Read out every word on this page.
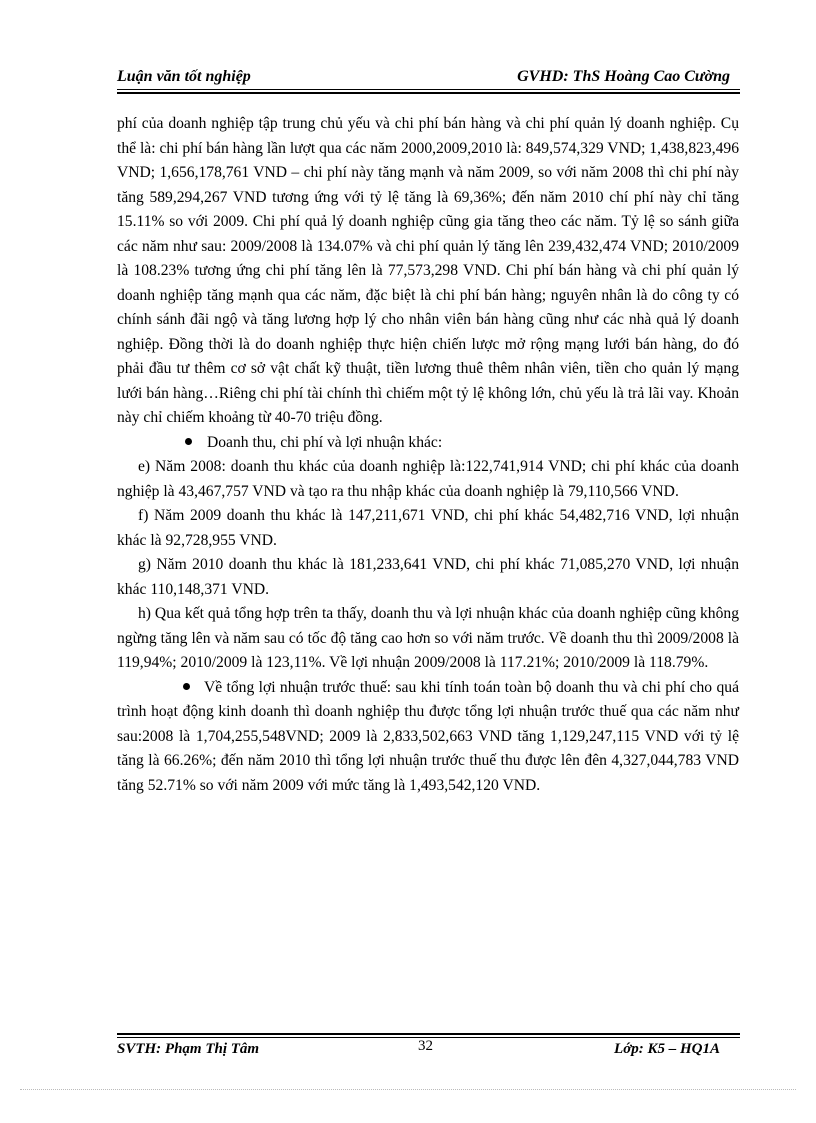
Luận văn tốt nghiệp	GVHD: ThS Hoàng Cao Cường

phí của doanh nghiệp tập trung chủ yếu và chi phí bán hàng và chi phí quản lý doanh nghiệp. Cụ thể là: chi phí bán hàng lần lượt qua các năm 2000,2009,2010 là: 849,574,329 VND; 1,438,823,496 VND; 1,656,178,761 VND – chi phí này tăng mạnh và năm 2009, so với năm 2008 thì chi phí này tăng 589,294,267 VND tương ứng với tỷ lệ tăng là 69,36%; đến năm 2010 chí phí này chỉ tăng 15.11% so với 2009. Chi phí quả lý doanh nghiệp cũng gia tăng theo các năm. Tỷ lệ so sánh giữa các năm như sau: 2009/2008 là 134.07% và chi phí quản lý tăng lên 239,432,474 VND; 2010/2009 là 108.23% tương ứng chi phí tăng lên là 77,573,298 VND. Chi phí bán hàng và chi phí quản lý doanh nghiệp tăng mạnh qua các năm, đặc biệt là chi phí bán hàng; nguyên nhân là do công ty có chính sánh đãi ngộ và tăng lương hợp lý cho nhân viên bán hàng cũng như các nhà quả lý doanh nghiệp. Đồng thời là do doanh nghiệp thực hiện chiến lược mở rộng mạng lưới bán hàng, do đó phải đầu tư thêm cơ sở vật chất kỹ thuật, tiền lương thuê thêm nhân viên, tiền cho quản lý mạng lưới bán hàng…Riêng chi phí tài chính thì chiếm một tỷ lệ không lớn, chủ yếu là trả lãi vay. Khoản này chỉ chiếm khoảng từ 40-70 triệu đồng.

Doanh thu, chi phí và lợi nhuận khác:

e) Năm 2008: doanh thu khác của doanh nghiệp là:122,741,914 VND; chi phí khác của doanh nghiệp là 43,467,757 VND và tạo ra thu nhập khác của doanh nghiệp là 79,110,566 VND.

f) Năm 2009 doanh thu khác là 147,211,671 VND, chi phí khác 54,482,716 VND, lợi nhuận khác là 92,728,955 VND.

g) Năm 2010 doanh thu khác là 181,233,641 VND, chi phí khác 71,085,270 VND, lợi nhuận khác 110,148,371 VND.

h) Qua kết quả tổng hợp trên ta thấy, doanh thu và lợi nhuận khác của doanh nghiệp cũng không ngừng tăng lên và năm sau có tốc độ tăng cao hơn so với năm trước. Về doanh thu thì 2009/2008 là 119,94%; 2010/2009 là 123,11%. Về lợi nhuận 2009/2008 là 117.21%; 2010/2009 là 118.79%.

Về tổng lợi nhuận trước thuế: sau khi tính toán toàn bộ doanh thu và chi phí cho quá trình hoạt động kinh doanh thì doanh nghiệp thu được tổng lợi nhuận trước thuế qua các năm như sau:2008 là 1,704,255,548VND; 2009 là 2,833,502,663 VND tăng 1,129,247,115 VND với tỷ lệ tăng là 66.26%; đến năm 2010 thì tổng lợi nhuận trước thuế thu được lên đên 4,327,044,783 VND tăng 52.71% so với năm 2009 với mức tăng là 1,493,542,120 VND.

SVTH: Phạm Thị Tâm	32	Lớp: K5 – HQ1A
